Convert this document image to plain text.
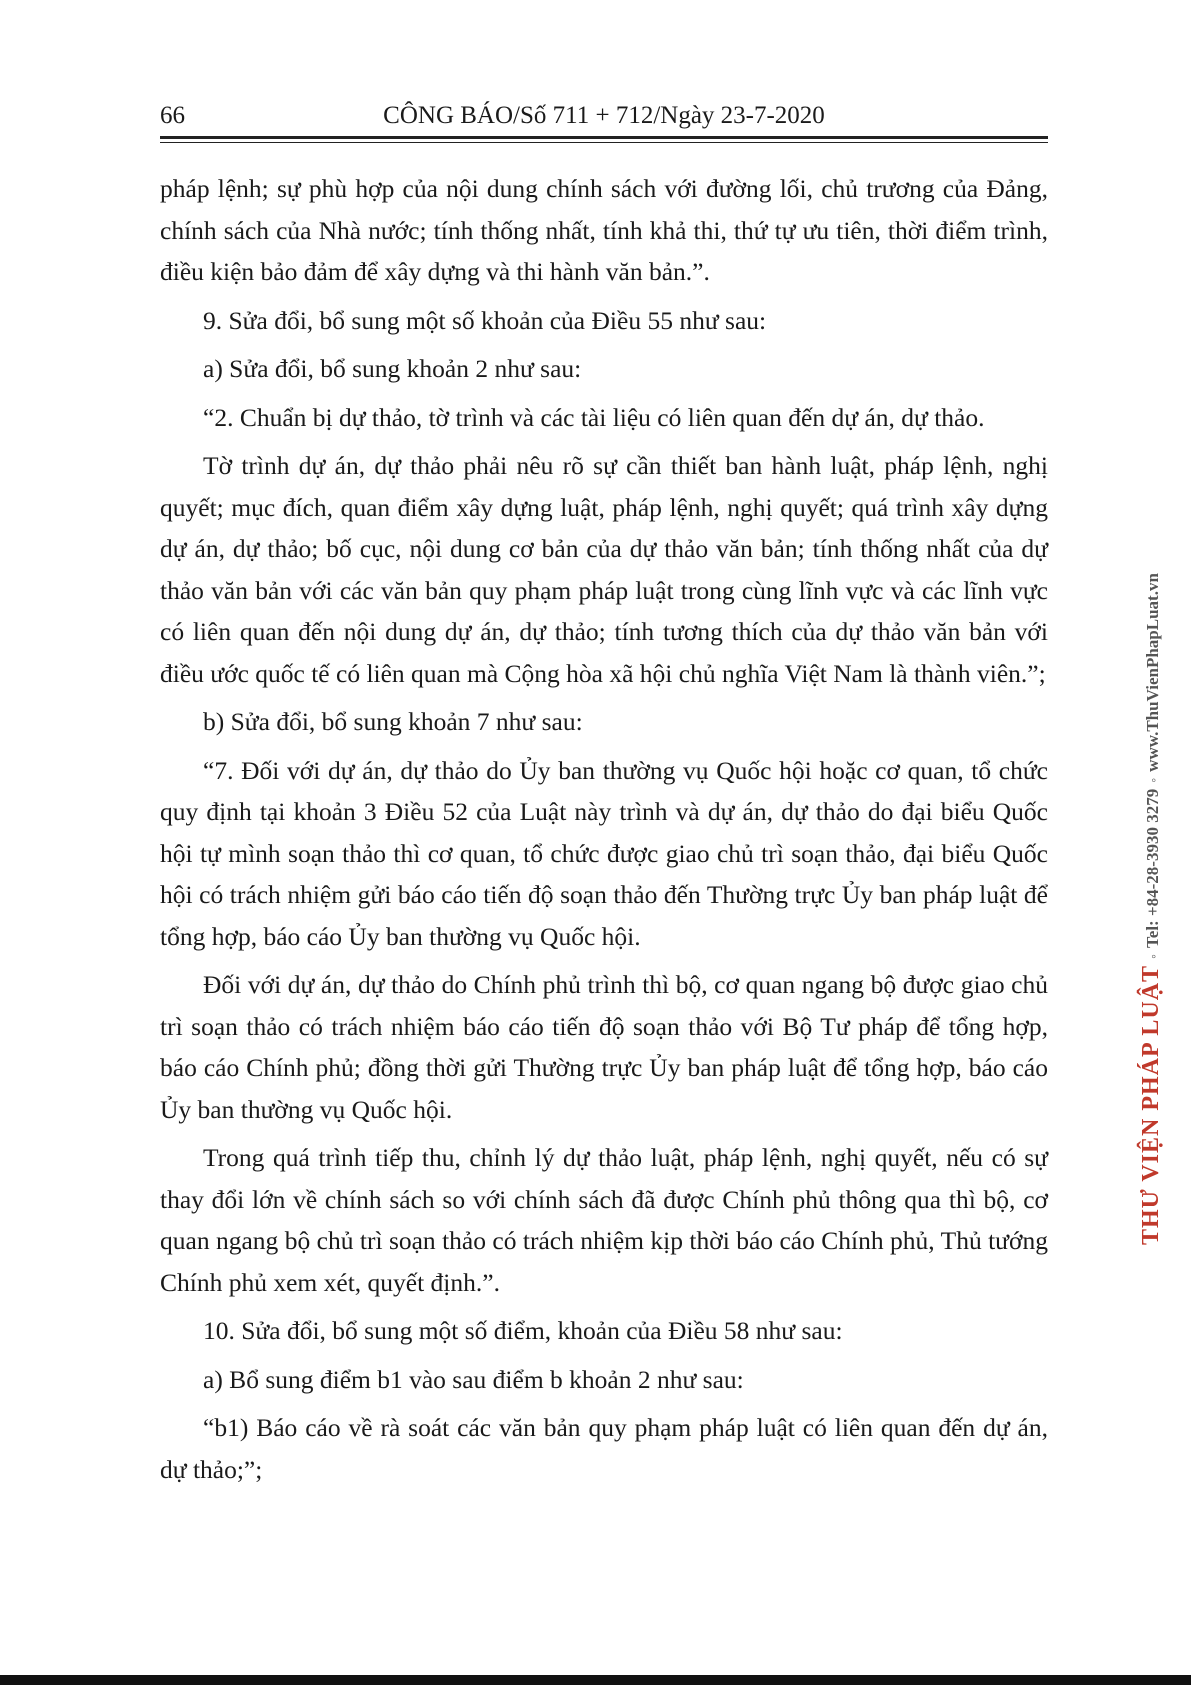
66	CÔNG BÁO/Số 711 + 712/Ngày 23-7-2020

pháp lệnh; sự phù hợp của nội dung chính sách với đường lối, chủ trương của Đảng, chính sách của Nhà nước; tính thống nhất, tính khả thi, thứ tự ưu tiên, thời điểm trình, điều kiện bảo đảm để xây dựng và thi hành văn bản.”.

9. Sửa đổi, bổ sung một số khoản của Điều 55 như sau:

a) Sửa đổi, bổ sung khoản 2 như sau:

“2. Chuẩn bị dự thảo, tờ trình và các tài liệu có liên quan đến dự án, dự thảo.

Tờ trình dự án, dự thảo phải nêu rõ sự cần thiết ban hành luật, pháp lệnh, nghị quyết; mục đích, quan điểm xây dựng luật, pháp lệnh, nghị quyết; quá trình xây dựng dự án, dự thảo; bố cục, nội dung cơ bản của dự thảo văn bản; tính thống nhất của dự thảo văn bản với các văn bản quy phạm pháp luật trong cùng lĩnh vực và các lĩnh vực có liên quan đến nội dung dự án, dự thảo; tính tương thích của dự thảo văn bản với điều ước quốc tế có liên quan mà Cộng hòa xã hội chủ nghĩa Việt Nam là thành viên.”;

b) Sửa đổi, bổ sung khoản 7 như sau:

“7. Đối với dự án, dự thảo do Ủy ban thường vụ Quốc hội hoặc cơ quan, tổ chức quy định tại khoản 3 Điều 52 của Luật này trình và dự án, dự thảo do đại biểu Quốc hội tự mình soạn thảo thì cơ quan, tổ chức được giao chủ trì soạn thảo, đại biểu Quốc hội có trách nhiệm gửi báo cáo tiến độ soạn thảo đến Thường trực Ủy ban pháp luật để tổng hợp, báo cáo Ủy ban thường vụ Quốc hội.

Đối với dự án, dự thảo do Chính phủ trình thì bộ, cơ quan ngang bộ được giao chủ trì soạn thảo có trách nhiệm báo cáo tiến độ soạn thảo với Bộ Tư pháp để tổng hợp, báo cáo Chính phủ; đồng thời gửi Thường trực Ủy ban pháp luật để tổng hợp, báo cáo Ủy ban thường vụ Quốc hội.

Trong quá trình tiếp thu, chỉnh lý dự thảo luật, pháp lệnh, nghị quyết, nếu có sự thay đổi lớn về chính sách so với chính sách đã được Chính phủ thông qua thì bộ, cơ quan ngang bộ chủ trì soạn thảo có trách nhiệm kịp thời báo cáo Chính phủ, Thủ tướng Chính phủ xem xét, quyết định.”.

10. Sửa đổi, bổ sung một số điểm, khoản của Điều 58 như sau:

a) Bổ sung điểm b1 vào sau điểm b khoản 2 như sau:

“b1) Báo cáo về rà soát các văn bản quy phạm pháp luật có liên quan đến dự án, dự thảo;”;

THƯ VIỆN PHÁP LUẬT◦Tel: +84-28-3930 3279◦www.ThuVienPhapLuat.vn
